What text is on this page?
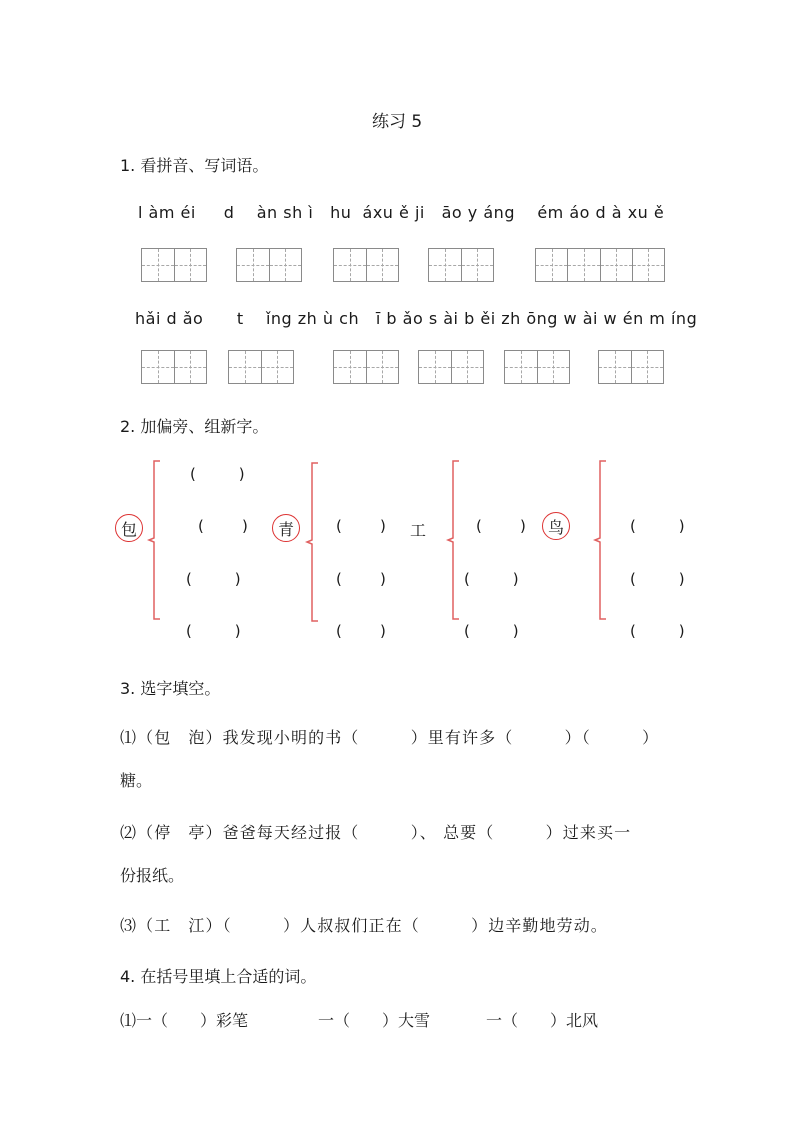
练习 5
1. 看拼音、写词语。
l àm éi d àn sh ì hu áxu ě ji āo y áng ém áo d à xu ě
hǎi d ǎo t ǐng zh ù ch ī b ǎo s ài b ěi zh ōng w ài w én m íng
2. 加偏旁、组新字。
包
(         )
(        )
(         )
(         )
青	(        )
(        )
(        )
工	(        )
(         )
(         )
鸟	(         )
(         )
(         )
3. 选字填空。
⑴（包　泡）我发现小明的书（　　　）里有许多（　　　）（　　　）
糖。
⑵（停　亭）爸爸每天经过报（　　　）、 总要（　　　）过来买一
份报纸。
⑶（工　江）（　　　）人叔叔们正在（　　　）边辛勤地劳动。
4. 在括号里填上合适的词。
⑴一（　　）彩笔	一（　　）大雪	一（　　）北风
